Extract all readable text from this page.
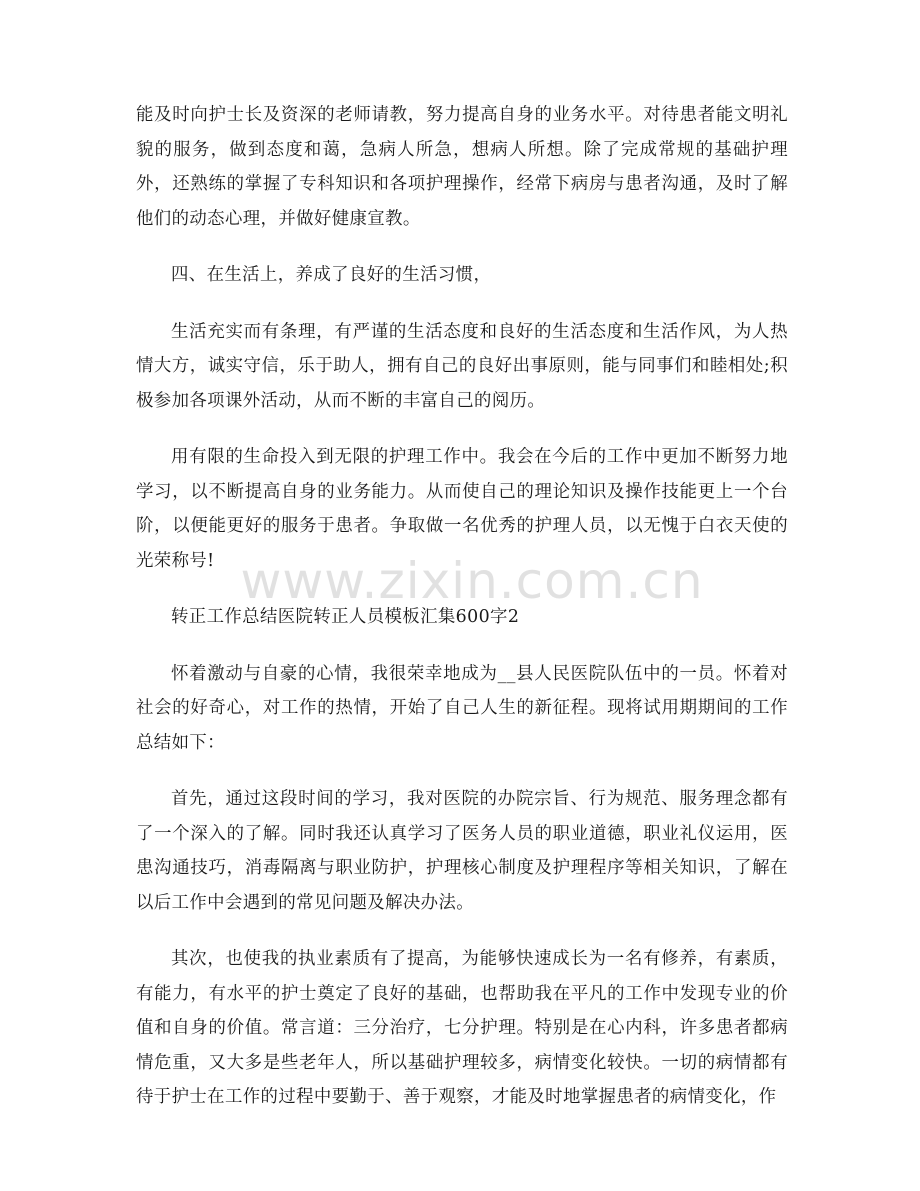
能及时向护士长及资深的老师请教，努力提高自身的业务水平。对待患者能文明礼貌的服务，做到态度和蔼，急病人所急，想病人所想。除了完成常规的基础护理外，还熟练的掌握了专科知识和各项护理操作，经常下病房与患者沟通，及时了解他们的动态心理，并做好健康宣教。

四、在生活上，养成了良好的生活习惯，

生活充实而有条理，有严谨的生活态度和良好的生活态度和生活作风，为人热情大方，诚实守信，乐于助人，拥有自己的良好出事原则，能与同事们和睦相处;积极参加各项课外活动，从而不断的丰富自己的阅历。

用有限的生命投入到无限的护理工作中。我会在今后的工作中更加不断努力地学习，以不断提高自身的业务能力。从而使自己的理论知识及操作技能更上一个台阶，以便能更好的服务于患者。争取做一名优秀的护理人员，以无愧于白衣天使的光荣称号!

转正工作总结医院转正人员模板汇集600字2

怀着激动与自豪的心情，我很荣幸地成为__县人民医院队伍中的一员。怀着对社会的好奇心，对工作的热情，开始了自己人生的新征程。现将试用期期间的工作总结如下：

首先，通过这段时间的学习，我对医院的办院宗旨、行为规范、服务理念都有了一个深入的了解。同时我还认真学习了医务人员的职业道德，职业礼仪运用，医患沟通技巧，消毒隔离与职业防护，护理核心制度及护理程序等相关知识，了解在以后工作中会遇到的常见问题及解决办法。

其次，也使我的执业素质有了提高，为能够快速成长为一名有修养，有素质，有能力，有水平的护士奠定了良好的基础，也帮助我在平凡的工作中发现专业的价值和自身的价值。常言道：三分治疗，七分护理。特别是在心内科，许多患者都病情危重，又大多是些老年人，所以基础护理较多，病情变化较快。一切的病情都有待于护士在工作的过程中要勤于、善于观察，才能及时地掌握患者的病情变化，作

www.zixin.com.cn
